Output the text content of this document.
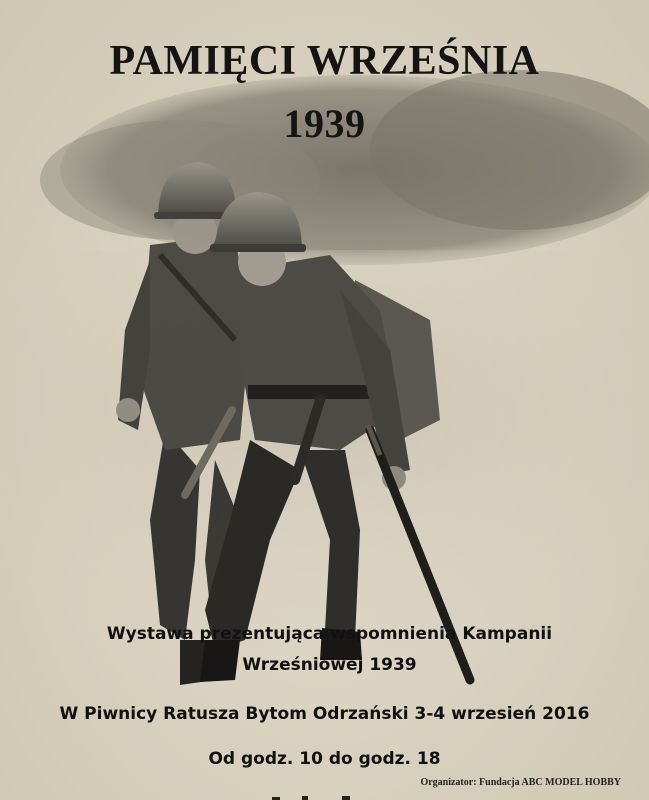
PAMIĘCI WRZEŚNIA
1939

Wystawa prezentująca wspomnienia Kampanii

Wrześniowej 1939

W Piwnicy Ratusza Bytom Odrzański 3-4 wrzesień 2016

Od godz. 10 do godz. 18

Organizator: Fundacja ABC MODEL HOBBY
